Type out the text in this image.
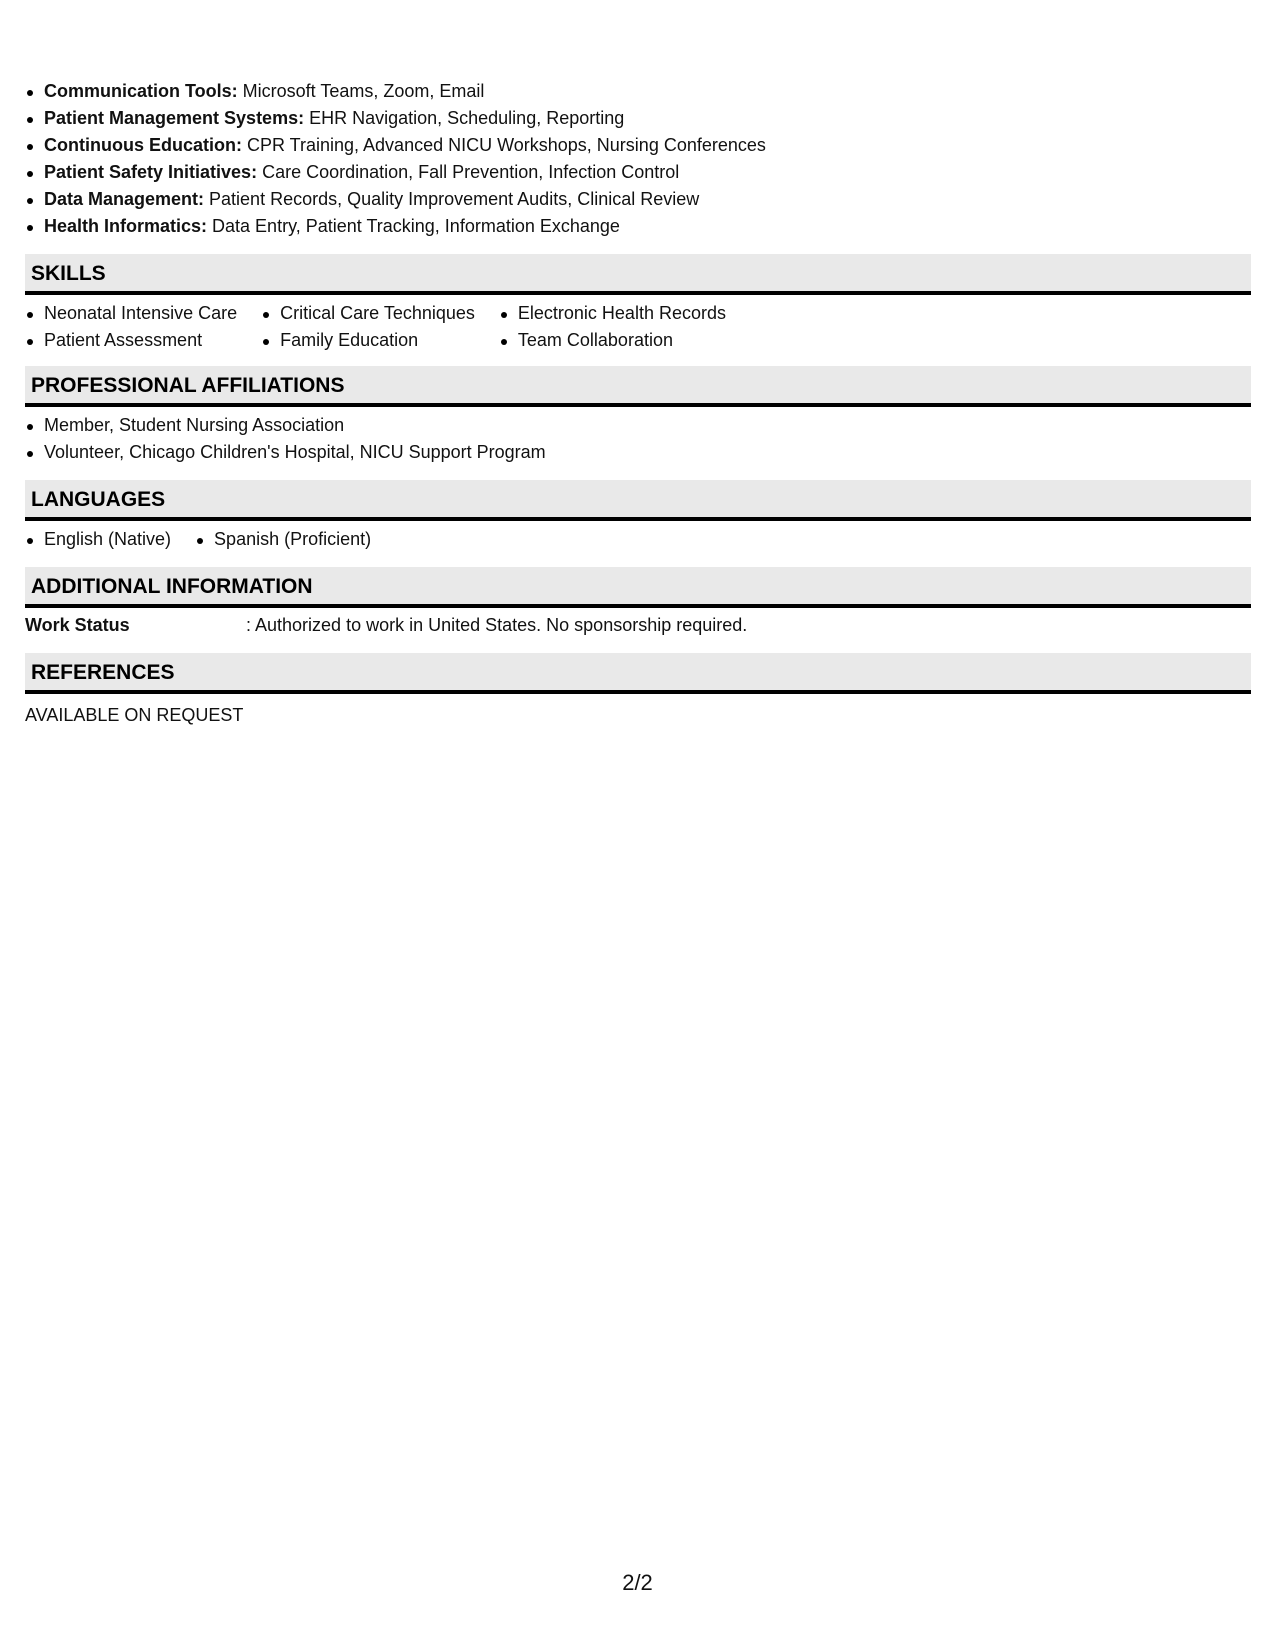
Communication Tools: Microsoft Teams, Zoom, Email
Patient Management Systems: EHR Navigation, Scheduling, Reporting
Continuous Education: CPR Training, Advanced NICU Workshops, Nursing Conferences
Patient Safety Initiatives: Care Coordination, Fall Prevention, Infection Control
Data Management: Patient Records, Quality Improvement Audits, Clinical Review
Health Informatics: Data Entry, Patient Tracking, Information Exchange
SKILLS
Neonatal Intensive Care
Patient Assessment
Critical Care Techniques
Family Education
Electronic Health Records
Team Collaboration
PROFESSIONAL AFFILIATIONS
Member, Student Nursing Association
Volunteer, Chicago Children's Hospital, NICU Support Program
LANGUAGES
English (Native)	Spanish (Proficient)
ADDITIONAL INFORMATION
Work Status	: Authorized to work in United States. No sponsorship required.
REFERENCES
AVAILABLE ON REQUEST
2/2
